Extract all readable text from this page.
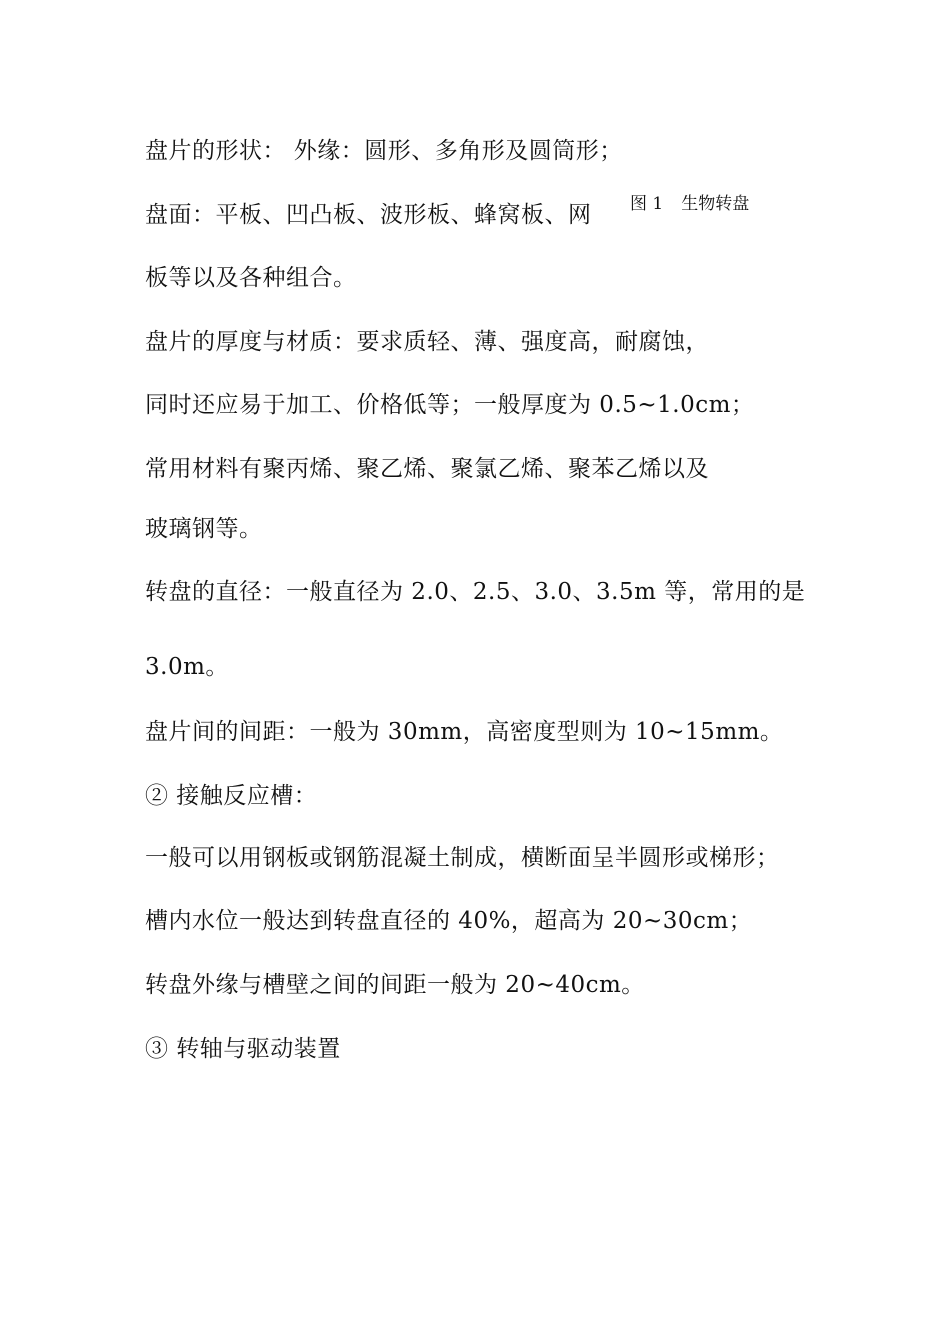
盘片的形状： 外缘：圆形、多角形及圆筒形；
盘面：平板、凹凸板、波形板、蜂窝板、网 图 1 生物转盘
板等以及各种组合。
盘片的厚度与材质：要求质轻、薄、强度高，耐腐蚀，
同时还应易于加工、价格低等；一般厚度为 0.5~1.0cm；
常用材料有聚丙烯、聚乙烯、聚氯乙烯、聚苯乙烯以及
玻璃钢等。
转盘的直径：一般直径为 2.0、2.5、3.0、3.5m 等，常用的是
3.0m。
盘片间的间距：一般为 30mm，高密度型则为 10~15mm。
② 接触反应槽：
一般可以用钢板或钢筋混凝土制成，横断面呈半圆形或梯形；
槽内水位一般达到转盘直径的 40%，超高为 20~30cm；
转盘外缘与槽壁之间的间距一般为 20~40cm。
③ 转轴与驱动装置
